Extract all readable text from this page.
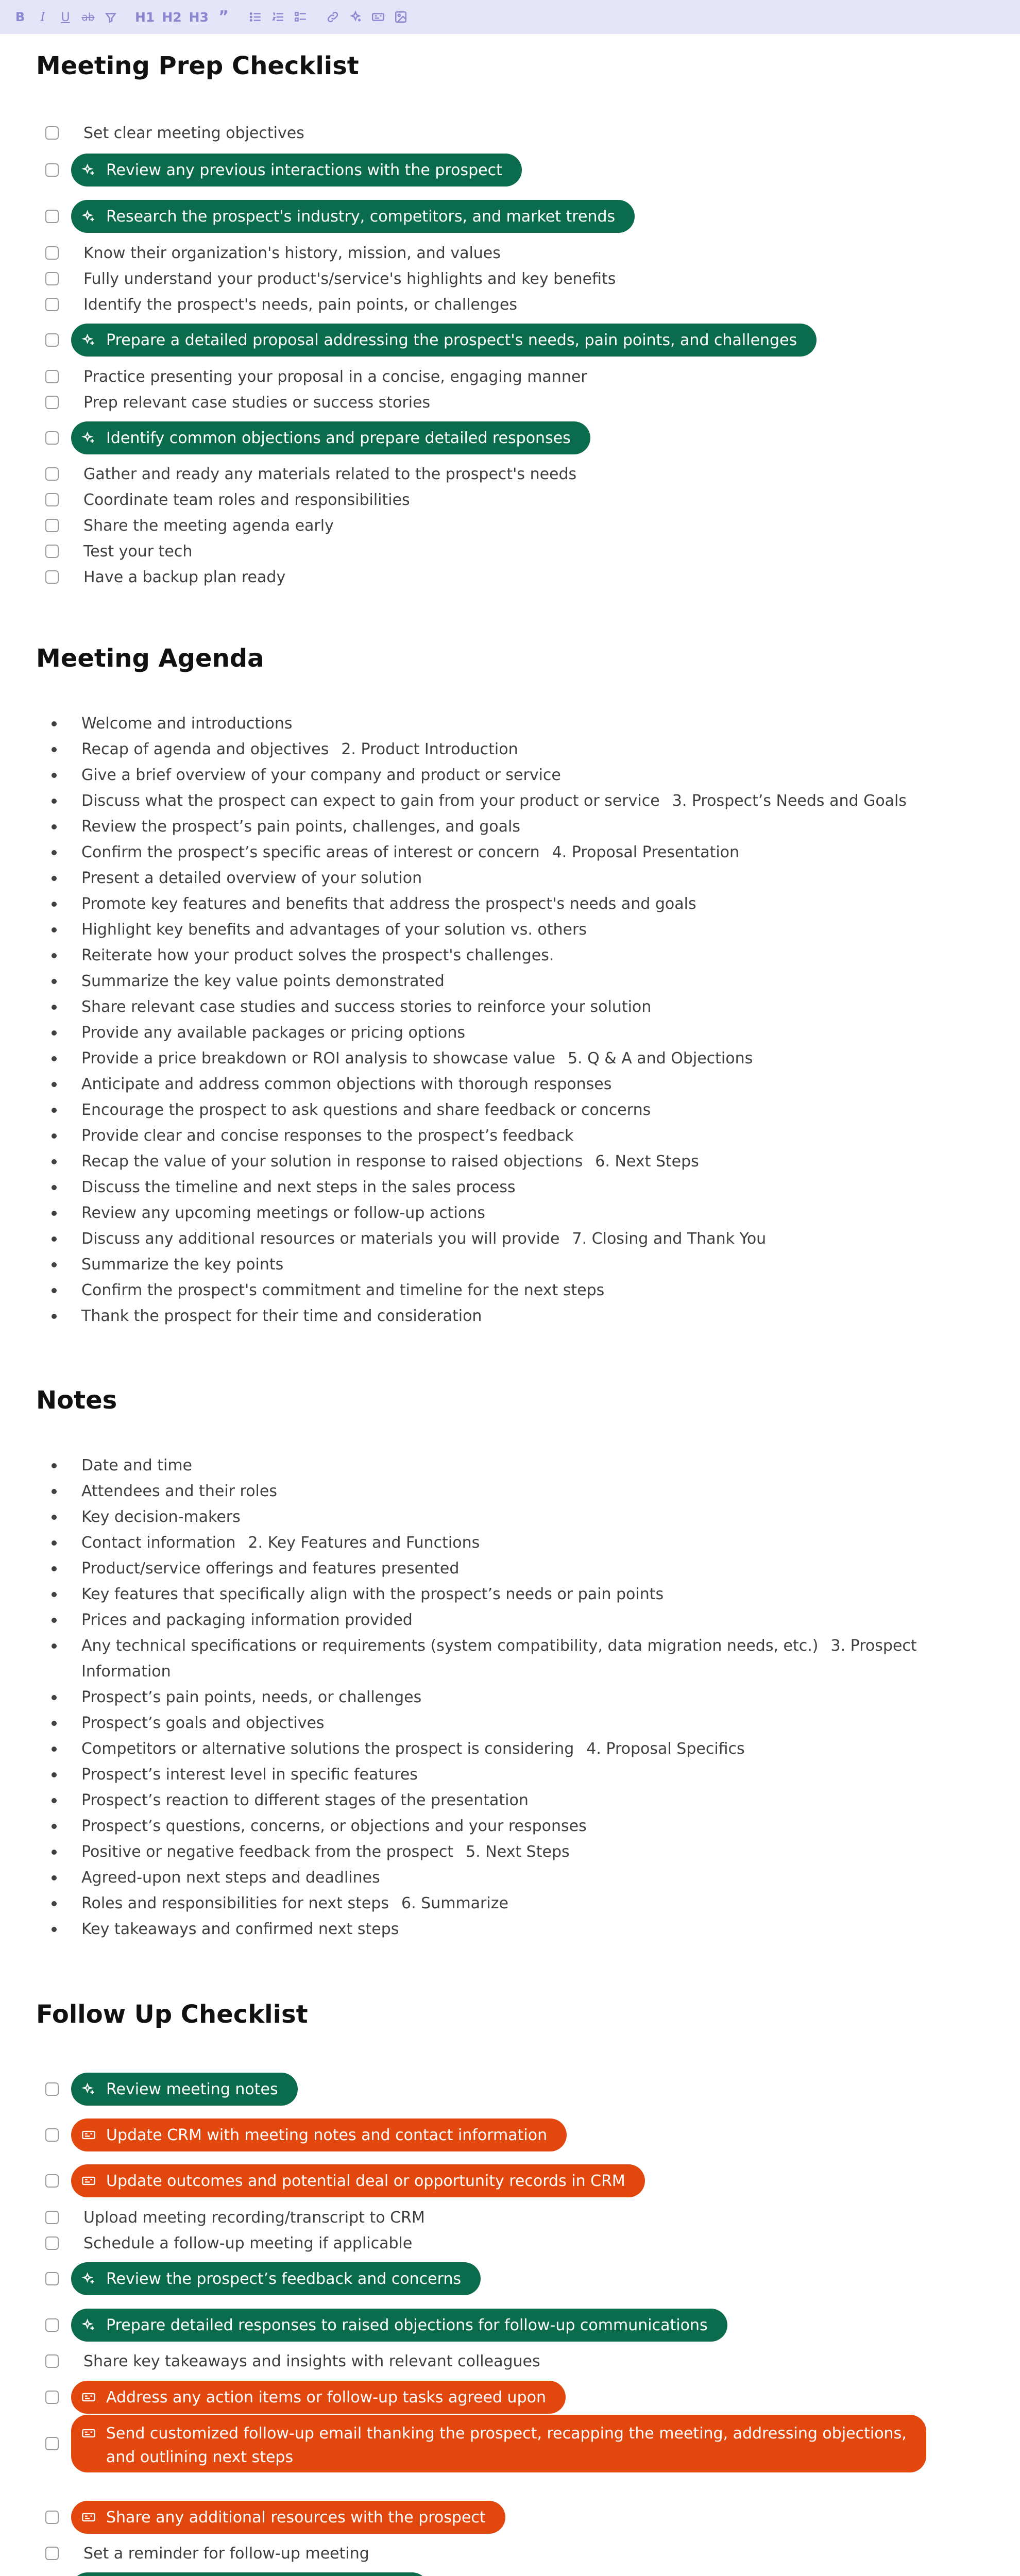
B	I	U	ab	H1 H2 H3 ”
Meeting Prep Checklist
Set clear meeting objectives
Review any previous interactions with the prospect
Research the prospect's industry, competitors, and market trends
Know their organization's history, mission, and values
Fully understand your product's/service's highlights and key benefits
Identify the prospect's needs, pain points, or challenges
Prepare a detailed proposal addressing the prospect's needs, pain points, and challenges
Practice presenting your proposal in a concise, engaging manner
Prep relevant case studies or success stories
Identify common objections and prepare detailed responses
Gather and ready any materials related to the prospect's needs
Coordinate team roles and responsibilities
Share the meeting agenda early
Test your tech
Have a backup plan ready
Meeting Agenda
Welcome and introductions
Recap of agenda and objectives 2. Product Introduction
Give a brief overview of your company and product or service
Discuss what the prospect can expect to gain from your product or service 3. Prospect’s Needs and Goals
Review the prospect’s pain points, challenges, and goals
Confirm the prospect’s specific areas of interest or concern 4. Proposal Presentation
Present a detailed overview of your solution
Promote key features and benefits that address the prospect's needs and goals
Highlight key benefits and advantages of your solution vs. others
Reiterate how your product solves the prospect's challenges.
Summarize the key value points demonstrated
Share relevant case studies and success stories to reinforce your solution
Provide any available packages or pricing options
Provide a price breakdown or ROI analysis to showcase value 5. Q & A and Objections
Anticipate and address common objections with thorough responses
Encourage the prospect to ask questions and share feedback or concerns
Provide clear and concise responses to the prospect’s feedback
Recap the value of your solution in response to raised objections 6. Next Steps
Discuss the timeline and next steps in the sales process
Review any upcoming meetings or follow-up actions
Discuss any additional resources or materials you will provide 7. Closing and Thank You
Summarize the key points
Confirm the prospect's commitment and timeline for the next steps
Thank the prospect for their time and consideration
Notes
Date and time
Attendees and their roles
Key decision-makers
Contact information 2. Key Features and Functions
Product/service offerings and features presented
Key features that specifically align with the prospect’s needs or pain points
Prices and packaging information provided
Any technical specifications or requirements (system compatibility, data migration needs, etc.) 3. Prospect Information
Prospect’s pain points, needs, or challenges
Prospect’s goals and objectives
Competitors or alternative solutions the prospect is considering 4. Proposal Specifics
Prospect’s interest level in specific features
Prospect’s reaction to different stages of the presentation
Prospect’s questions, concerns, or objections and your responses
Positive or negative feedback from the prospect 5. Next Steps
Agreed-upon next steps and deadlines
Roles and responsibilities for next steps 6. Summarize
Key takeaways and confirmed next steps
Follow Up Checklist
Review meeting notes
Update CRM with meeting notes and contact information
Update outcomes and potential deal or opportunity records in CRM
Upload meeting recording/transcript to CRM
Schedule a follow-up meeting if applicable
Review the prospect’s feedback and concerns
Prepare detailed responses to raised objections for follow-up communications
Share key takeaways and insights with relevant colleagues
Address any action items or follow-up tasks agreed upon
Send customized follow-up email thanking the prospect, recapping the meeting, addressing objections, and outlining next steps
Share any additional resources with the prospect
Set a reminder for follow-up meeting
